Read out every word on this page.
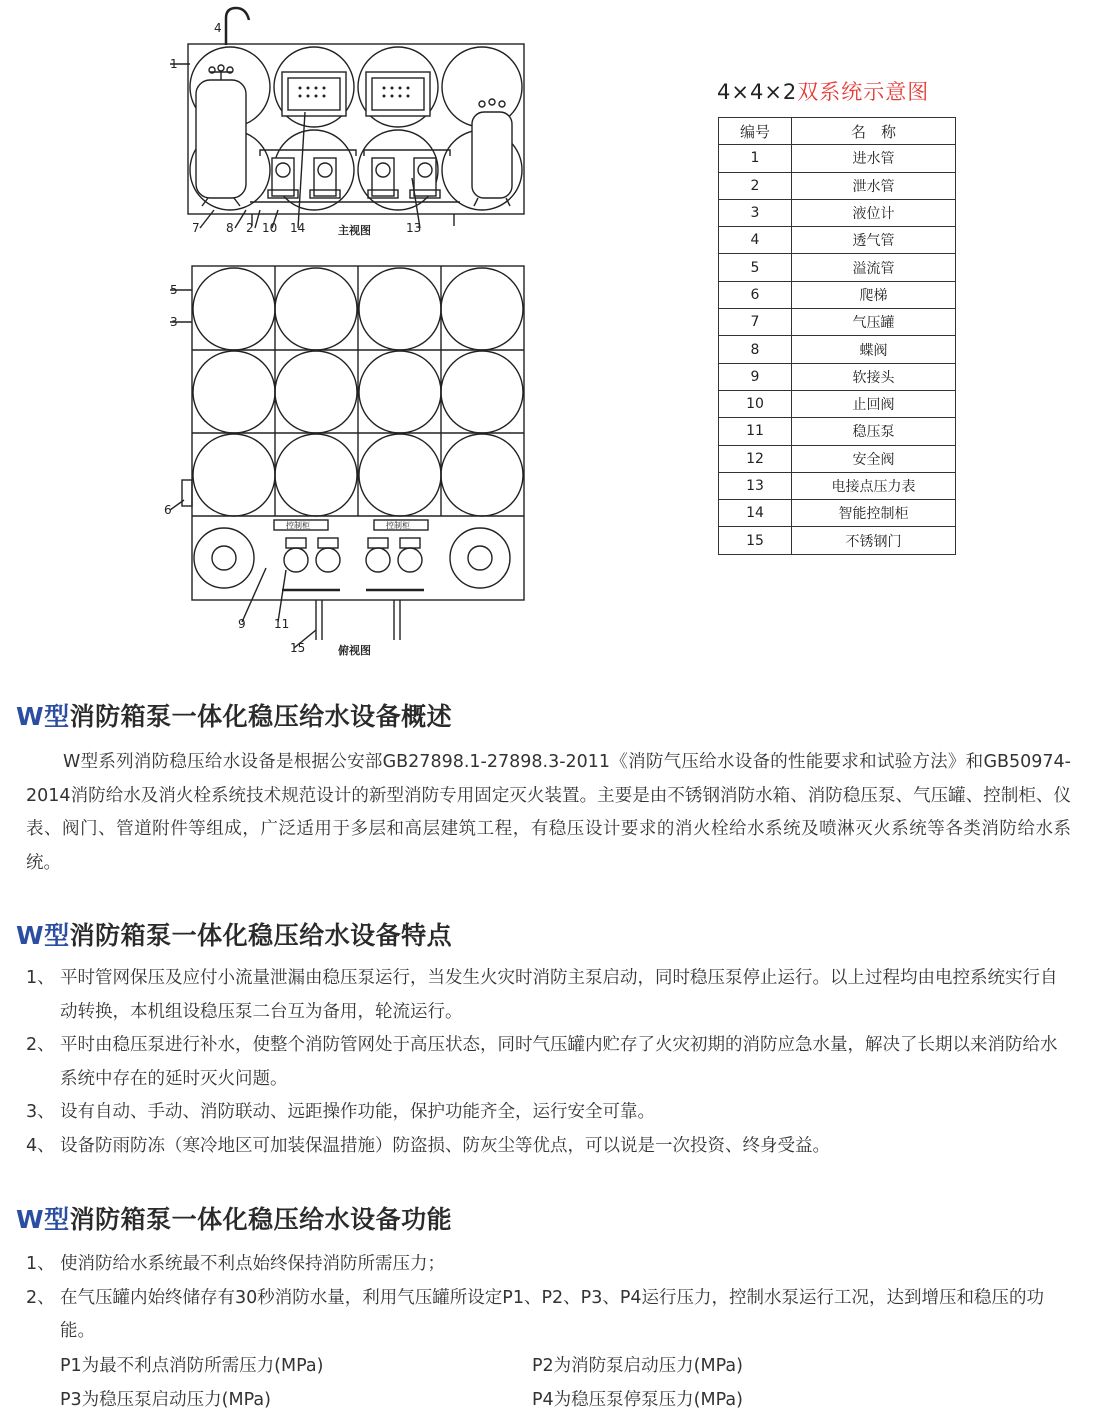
控制柜	控制柜
4
1
7 8 2 10 14	13
5
3
6
9 11
15
主视图
俯视图
4×4×2双系统示意图
编号	名　称
1	进水管
2	泄水管
3	液位计
4	透气管
5	溢流管
6	爬梯
7	气压罐
8	蝶阀
9	软接头
10	止回阀
11	稳压泵
12	安全阀
13	电接点压力表
14	智能控制柜
15	不锈钢门
W型消防箱泵一体化稳压给水设备概述

W型系列消防稳压给水设备是根据公安部GB27898.1-27898.3-2011《消防气压给水设备的性能要求和试验方法》和GB50974-2014消防给水及消火栓系统技术规范设计的新型消防专用固定灭火装置。主要是由不锈钢消防水箱、消防稳压泵、气压罐、控制柜、仪表、阀门、管道附件等组成，广泛适用于多层和高层建筑工程，有稳压设计要求的消火栓给水系统及喷淋灭火系统等各类消防给水系统。

W型消防箱泵一体化稳压给水设备特点
1、 平时管网保压及应付小流量泄漏由稳压泵运行，当发生火灾时消防主泵启动，同时稳压泵停止运行。以上过程均由电控系统实行自动转换，本机组设稳压泵二台互为备用，轮流运行。
2、 平时由稳压泵进行补水，使整个消防管网处于高压状态，同时气压罐内贮存了火灾初期的消防应急水量，解决了长期以来消防给水系统中存在的延时灭火问题。
3、 设有自动、手动、消防联动、远距操作功能，保护功能齐全，运行安全可靠。
4、 设备防雨防冻（寒冷地区可加装保温措施）防盗损、防灰尘等优点，可以说是一次投资、终身受益。
W型消防箱泵一体化稳压给水设备功能
1、 使消防给水系统最不利点始终保持消防所需压力；
2、 在气压罐内始终储存有30秒消防水量，利用气压罐所设定P1、P2、P3、P4运行压力，控制水泵运行工况，达到增压和稳压的功能。
P1为最不利点消防所需压力(MPa)	P2为消防泵启动压力(MPa)
P3为稳压泵启动压力(MPa)	P4为稳压泵停泵压力(MPa)
